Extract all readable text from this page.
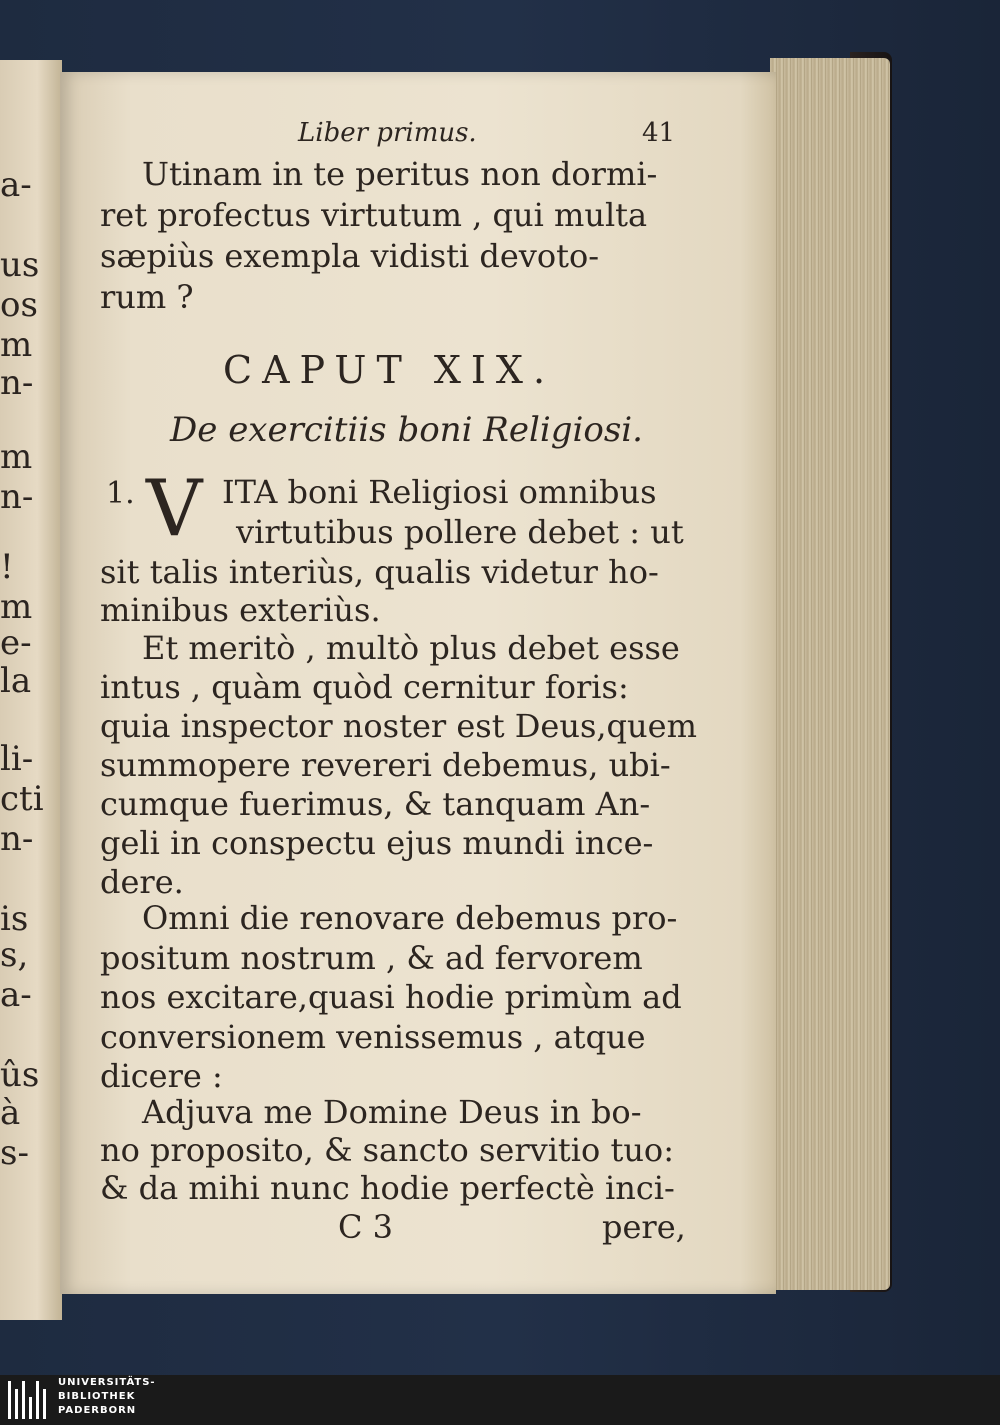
a-
us
os
m
n-
m
n-
!
m
e-
la
li-
cti
n-
is
s,
a-
ûs
à
s-
Liber primus.	41
Utinam in te peritus non dormi-
ret profectus virtutum , qui multa
sæpiùs exempla vidisti devoto-
rum ?
CAPUT XIX.
De exercitiis boni Religiosi.
1. V ITA boni Religiosi omnibus
virtutibus pollere debet : ut
sit talis interiùs, qualis videtur ho-
minibus exteriùs.
Et meritò , multò plus debet esse
intus , quàm quòd cernitur foris:
quia inspector noster est Deus,quem
summopere revereri debemus, ubi-
cumque fuerimus, & tanquam An-
geli in conspectu ejus mundi ince-
dere.
Omni die renovare debemus pro-
positum nostrum , & ad fervorem
nos excitare,quasi hodie primùm ad
conversionem venissemus , atque
dicere :
Adjuva me Domine Deus in bo-
no proposito, & sancto servitio tuo:
& da mihi nunc hodie perfectè inci-
C 3	pere,
UNIVERSITÄTS-
BIBLIOTHEK
PADERBORN
